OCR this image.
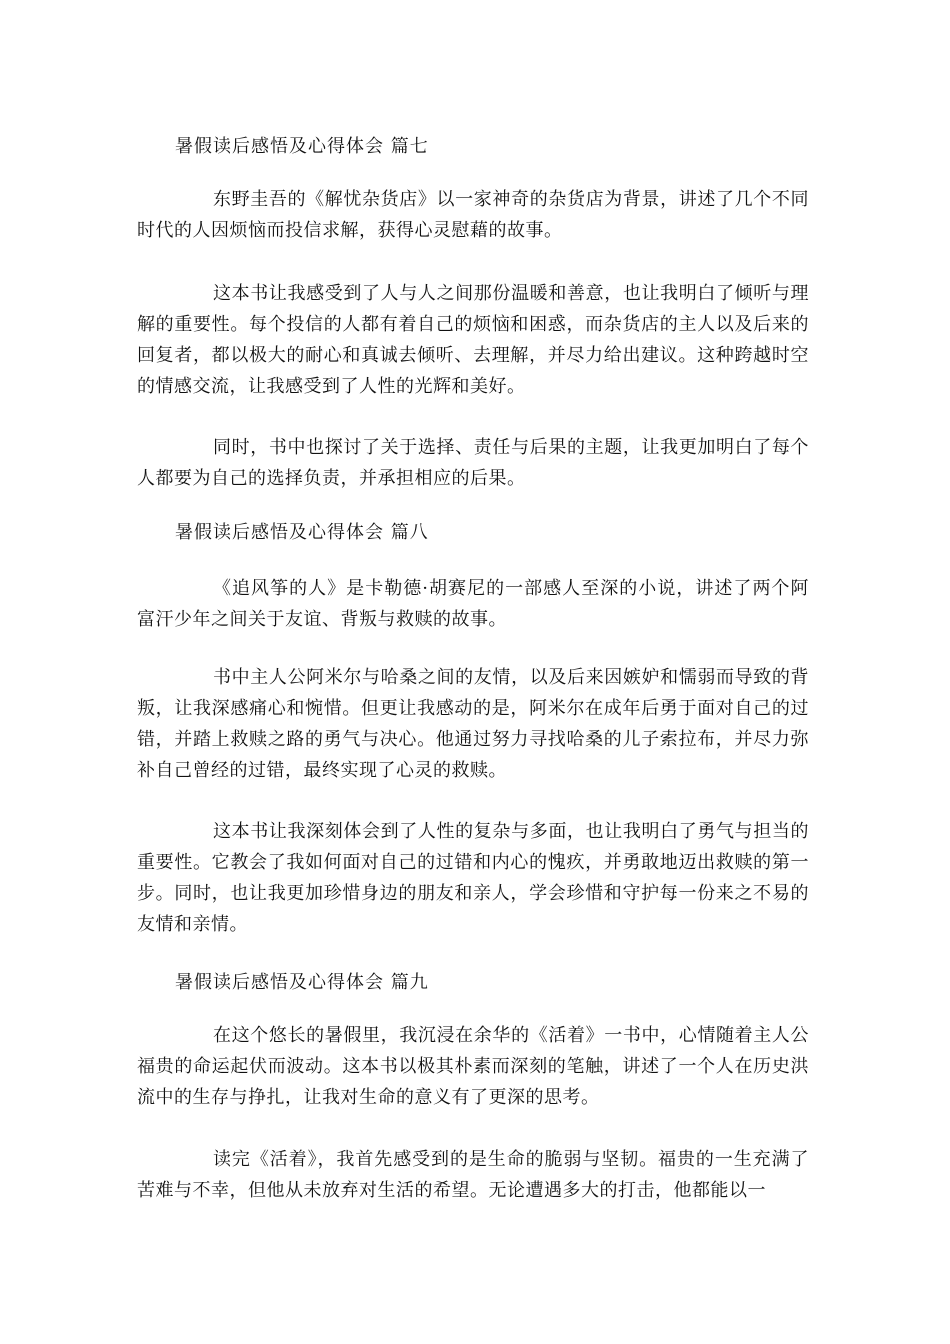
暑假读后感悟及心得体会 篇七

东野圭吾的《解忧杂货店》以一家神奇的杂货店为背景，讲述了几个不同时代的人因烦恼而投信求解，获得心灵慰藉的故事。

这本书让我感受到了人与人之间那份温暖和善意，也让我明白了倾听与理解的重要性。每个投信的人都有着自己的烦恼和困惑，而杂货店的主人以及后来的回复者，都以极大的耐心和真诚去倾听、去理解，并尽力给出建议。这种跨越时空的情感交流，让我感受到了人性的光辉和美好。

同时，书中也探讨了关于选择、责任与后果的主题，让我更加明白了每个人都要为自己的选择负责，并承担相应的后果。

暑假读后感悟及心得体会 篇八

《追风筝的人》是卡勒德·胡赛尼的一部感人至深的小说，讲述了两个阿富汗少年之间关于友谊、背叛与救赎的故事。

书中主人公阿米尔与哈桑之间的友情，以及后来因嫉妒和懦弱而导致的背叛，让我深感痛心和惋惜。但更让我感动的是，阿米尔在成年后勇于面对自己的过错，并踏上救赎之路的勇气与决心。他通过努力寻找哈桑的儿子索拉布，并尽力弥补自己曾经的过错，最终实现了心灵的救赎。

这本书让我深刻体会到了人性的复杂与多面，也让我明白了勇气与担当的重要性。它教会了我如何面对自己的过错和内心的愧疚，并勇敢地迈出救赎的第一步。同时，也让我更加珍惜身边的朋友和亲人，学会珍惜和守护每一份来之不易的友情和亲情。

暑假读后感悟及心得体会 篇九

在这个悠长的暑假里，我沉浸在余华的《活着》一书中，心情随着主人公福贵的命运起伏而波动。这本书以极其朴素而深刻的笔触，讲述了一个人在历史洪流中的生存与挣扎，让我对生命的意义有了更深的思考。

读完《活着》，我首先感受到的是生命的脆弱与坚韧。福贵的一生充满了苦难与不幸，但他从未放弃对生活的希望。无论遭遇多大的打击，他都能以一
